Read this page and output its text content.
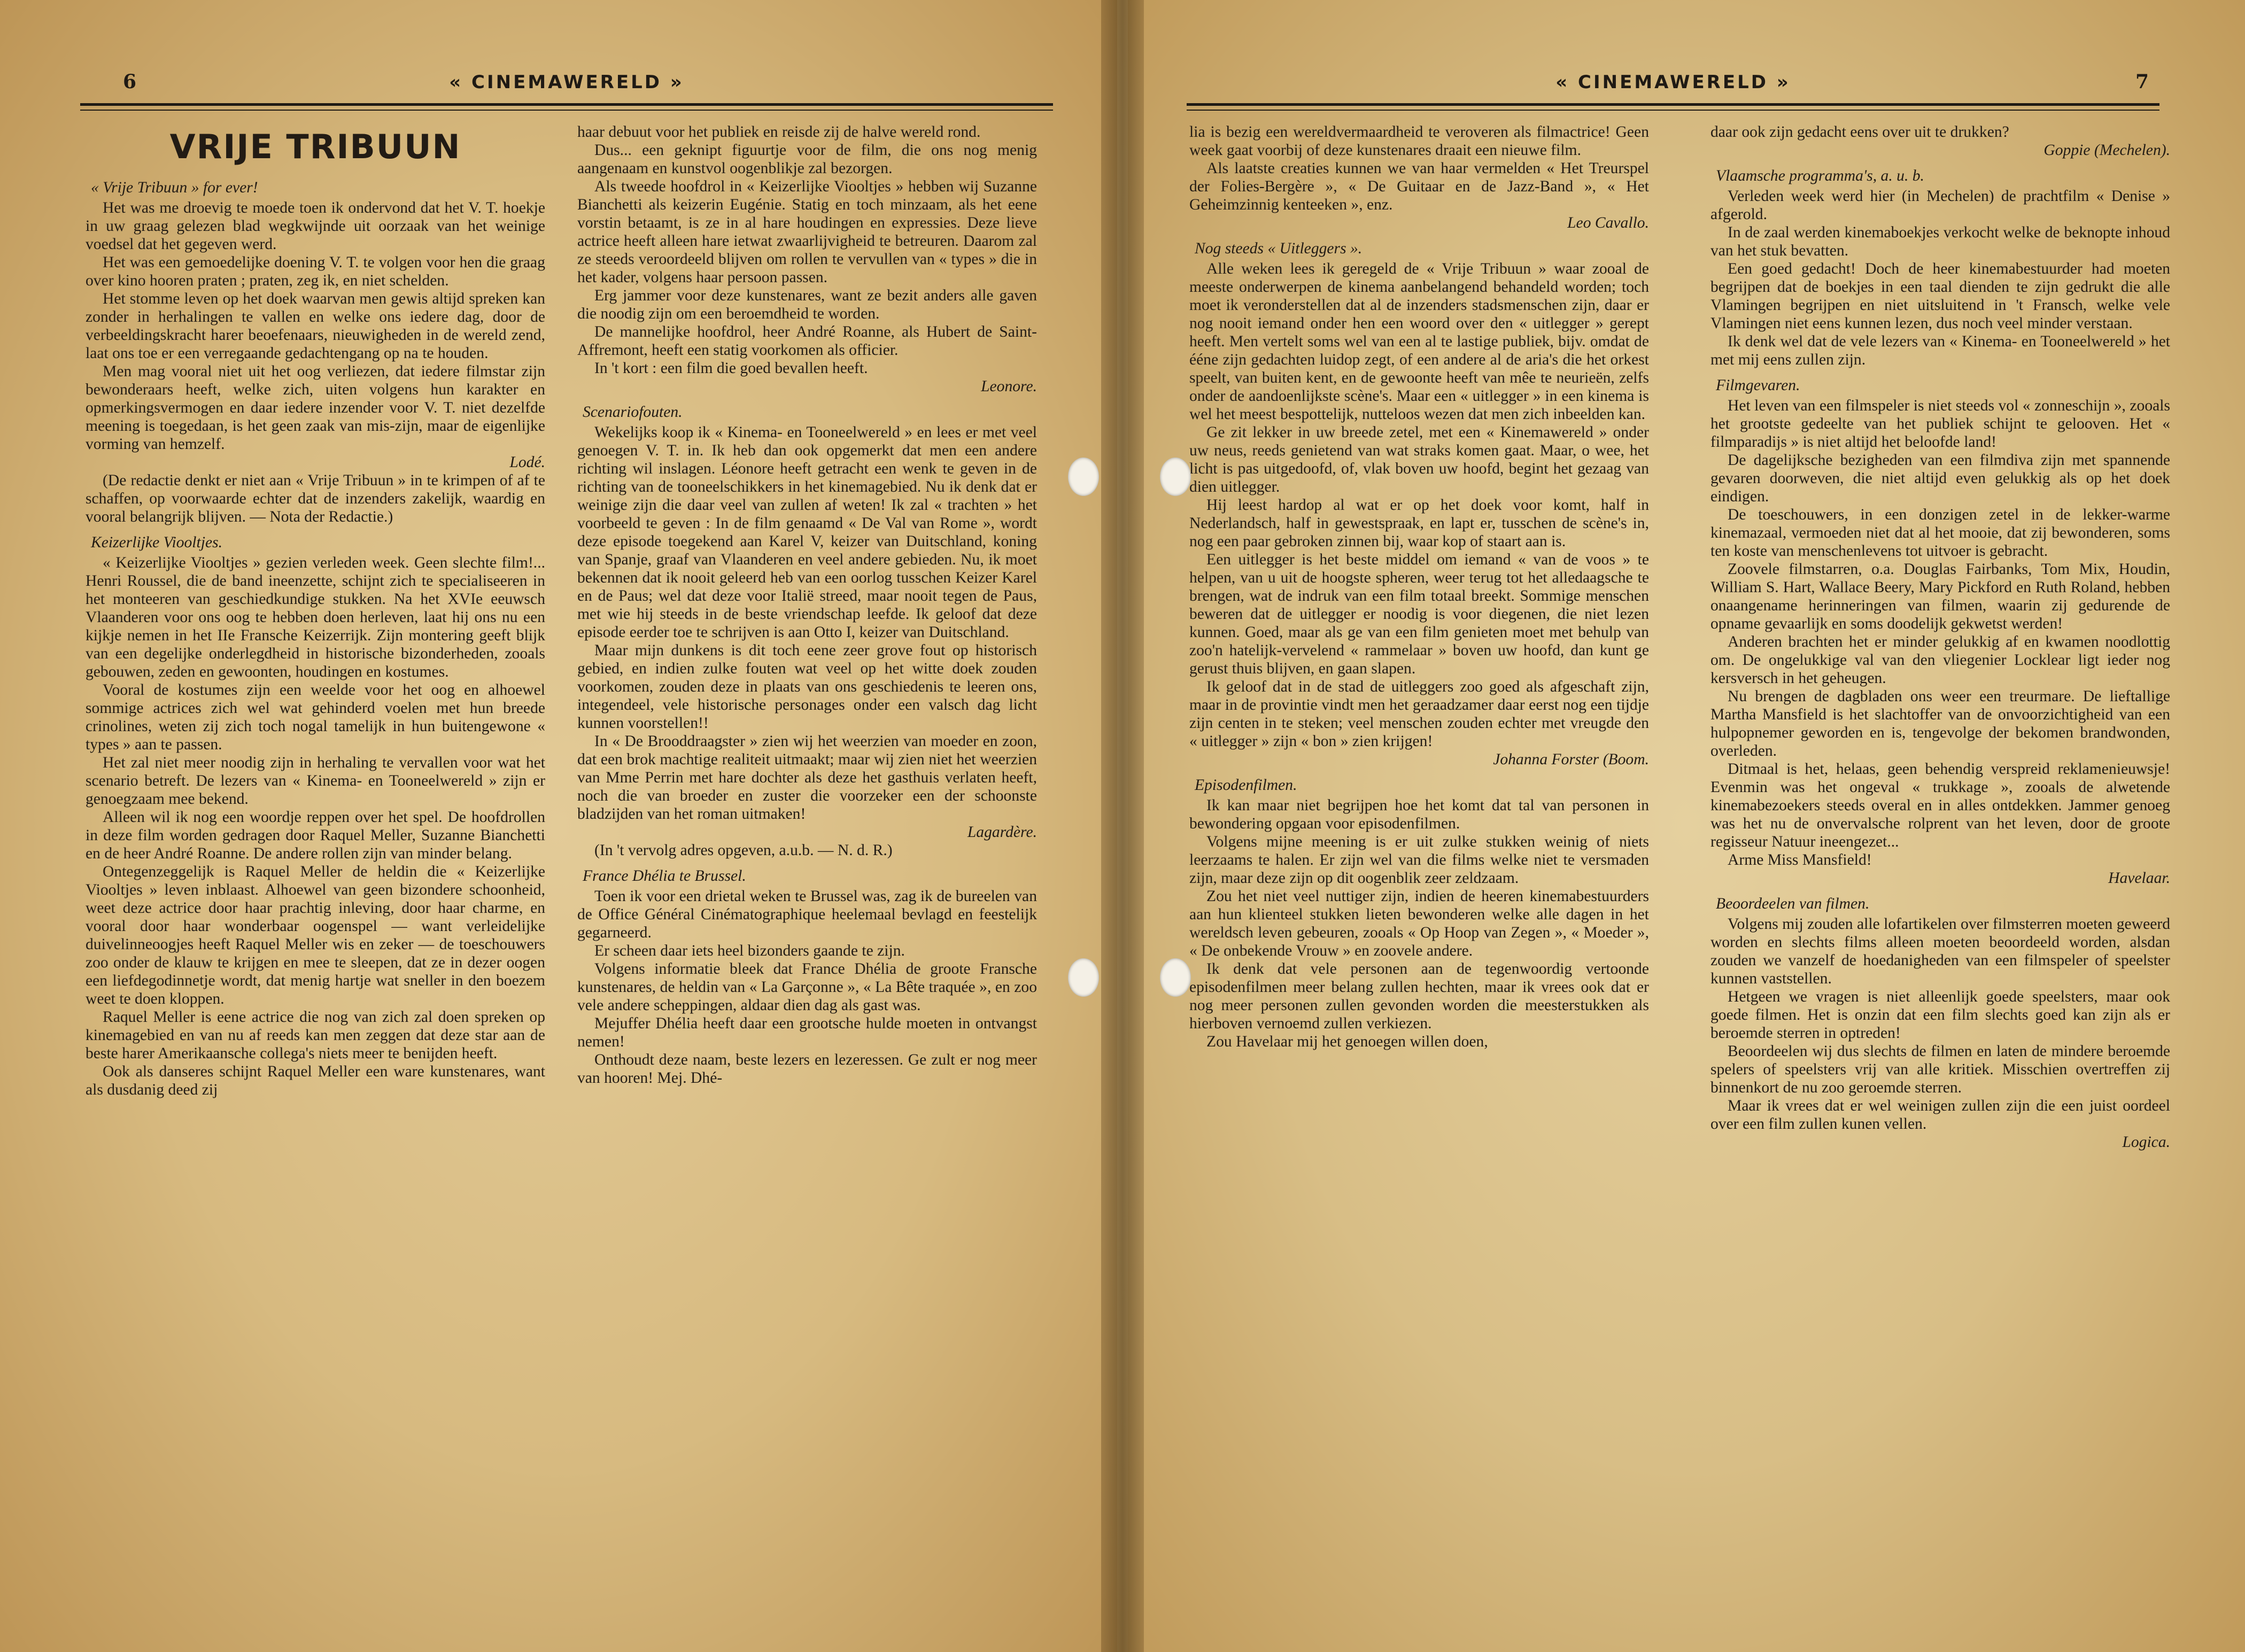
6	« CINEMAWERELD »
VRIJE TRIBUUN

« Vrije Tribuun » for ever!

Het was me droevig te moede toen ik ondervond dat het V. T. hoekje in uw graag gelezen blad wegkwijnde uit oorzaak van het weinige voedsel dat het gegeven werd.

Het was een gemoedelijke doening V. T. te volgen voor hen die graag over kino hooren praten ; praten, zeg ik, en niet schelden.

Het stomme leven op het doek waarvan men gewis altijd spreken kan zonder in herhalingen te vallen en welke ons iedere dag, door de verbeeldingskracht harer beoefenaars, nieuwigheden in de wereld zend, laat ons toe er een verregaande gedachtengang op na te houden.

Men mag vooral niet uit het oog verliezen, dat iedere filmstar zijn bewonderaars heeft, welke zich, uiten volgens hun karakter en opmerkingsvermogen en daar iedere inzender voor V. T. niet dezelfde meening is toegedaan, is het geen zaak van mis-zijn, maar de eigenlijke vorming van hemzelf.

Lodé.

(De redactie denkt er niet aan « Vrije Tribuun » in te krimpen of af te schaffen, op voorwaarde echter dat de inzenders zakelijk, waardig en vooral belangrijk blijven. — Nota der Redactie.)

Keizerlijke Viooltjes.

« Keizerlijke Viooltjes » gezien verleden week. Geen slechte film!... Henri Roussel, die de band ineenzette, schijnt zich te specialiseeren in het monteeren van geschiedkundige stukken. Na het XVIe eeuwsch Vlaanderen voor ons oog te hebben doen herleven, laat hij ons nu een kijkje nemen in het IIe Fransche Keizerrijk. Zijn montering geeft blijk van een degelijke onderlegdheid in historische bizonderheden, zooals gebouwen, zeden en gewoonten, houdingen en kostumes.

Vooral de kostumes zijn een weelde voor het oog en alhoewel sommige actrices zich wel wat gehinderd voelen met hun breede crinolines, weten zij zich toch nogal tamelijk in hun buitengewone « types » aan te passen.

Het zal niet meer noodig zijn in herhaling te vervallen voor wat het scenario betreft. De lezers van « Kinema- en Tooneelwereld » zijn er genoegzaam mee bekend.

Alleen wil ik nog een woordje reppen over het spel. De hoofdrollen in deze film worden gedragen door Raquel Meller, Suzanne Bianchetti en de heer André Roanne. De andere rollen zijn van minder belang.

Ontegenzeggelijk is Raquel Meller de heldin die « Keizerlijke Viooltjes » leven inblaast. Alhoewel van geen bizondere schoonheid, weet deze actrice door haar prachtig inleving, door haar charme, en vooral door haar wonderbaar oogenspel — want verleidelijke duivelinneoogjes heeft Raquel Meller wis en zeker — de toeschouwers zoo onder de klauw te krijgen en mee te sleepen, dat ze in dezer oogen een liefdegodinnetje wordt, dat menig hartje wat sneller in den boezem weet te doen kloppen.

Raquel Meller is eene actrice die nog van zich zal doen spreken op kinemagebied en van nu af reeds kan men zeggen dat deze star aan de beste harer Amerikaansche collega's niets meer te benijden heeft.

Ook als danseres schijnt Raquel Meller een ware kunstenares, want als dusdanig deed zij

haar debuut voor het publiek en reisde zij de halve wereld rond.

Dus... een geknipt figuurtje voor de film, die ons nog menig aangenaam en kunstvol oogenblikje zal bezorgen.

Als tweede hoofdrol in « Keizerlijke Viooltjes » hebben wij Suzanne Bianchetti als keizerin Eugénie. Statig en toch minzaam, als het eene vorstin betaamt, is ze in al hare houdingen en expressies. Deze lieve actrice heeft alleen hare ietwat zwaarlijvigheid te betreuren. Daarom zal ze steeds veroordeeld blijven om rollen te vervullen van « types » die in het kader, volgens haar persoon passen.

Erg jammer voor deze kunstenares, want ze bezit anders alle gaven die noodig zijn om een beroemdheid te worden.

De mannelijke hoofdrol, heer André Roanne, als Hubert de Saint-Affremont, heeft een statig voorkomen als officier.

In 't kort : een film die goed bevallen heeft.

Leonore.

Scenariofouten.

Wekelijks koop ik « Kinema- en Tooneelwereld » en lees er met veel genoegen V. T. in. Ik heb dan ook opgemerkt dat men een andere richting wil inslagen. Léonore heeft getracht een wenk te geven in de richting van de tooneelschikkers in het kinemagebied. Nu ik denk dat er weinige zijn die daar veel van zullen af weten! Ik zal « trachten » het voorbeeld te geven : In de film genaamd « De Val van Rome », wordt deze episode toegekend aan Karel V, keizer van Duitschland, koning van Spanje, graaf van Vlaanderen en veel andere gebieden. Nu, ik moet bekennen dat ik nooit geleerd heb van een oorlog tusschen Keizer Karel en de Paus; wel dat deze voor Italië streed, maar nooit tegen de Paus, met wie hij steeds in de beste vriendschap leefde. Ik geloof dat deze episode eerder toe te schrijven is aan Otto I, keizer van Duitschland.

Maar mijn dunkens is dit toch eene zeer grove fout op historisch gebied, en indien zulke fouten wat veel op het witte doek zouden voorkomen, zouden deze in plaats van ons geschiedenis te leeren ons, integendeel, vele historische personages onder een valsch dag licht kunnen voorstellen!!

In « De Brooddraagster » zien wij het weerzien van moeder en zoon, dat een brok machtige realiteit uitmaakt; maar wij zien niet het weerzien van Mme Perrin met hare dochter als deze het gasthuis verlaten heeft, noch die van broeder en zuster die voorzeker een der schoonste bladzijden van het roman uitmaken!

Lagardère.

(In 't vervolg adres opgeven, a.u.b. — N. d. R.)

France Dhélia te Brussel.

Toen ik voor een drietal weken te Brussel was, zag ik de bureelen van de Office Général Cinématographique heelemaal bevlagd en feestelijk gegarneerd.

Er scheen daar iets heel bizonders gaande te zijn.

Volgens informatie bleek dat France Dhélia de groote Fransche kunstenares, de heldin van « La Garçonne », « La Bête traquée », en zoo vele andere scheppingen, aldaar dien dag als gast was.

Mejuffer Dhélia heeft daar een grootsche hulde moeten in ontvangst nemen!

Onthoudt deze naam, beste lezers en lezeressen. Ge zult er nog meer van hooren! Mej. Dhé-

7
« CINEMAWERELD »

lia is bezig een wereldvermaardheid te veroveren als filmactrice! Geen week gaat voorbij of deze kunstenares draait een nieuwe film.

Als laatste creaties kunnen we van haar vermelden « Het Treurspel der Folies-Bergère », « De Guitaar en de Jazz-Band », « Het Geheimzinnig kenteeken », enz.

Leo Cavallo.

Nog steeds « Uitleggers ».

Alle weken lees ik geregeld de « Vrije Tribuun » waar zooal de meeste onderwerpen de kinema aanbelangend behandeld worden; toch moet ik veronderstellen dat al de inzenders stadsmenschen zijn, daar er nog nooit iemand onder hen een woord over den « uitlegger » gerept heeft. Men vertelt soms wel van een al te lastige publiek, bijv. omdat de ééne zijn gedachten luidop zegt, of een andere al de aria's die het orkest speelt, van buiten kent, en de gewoonte heeft van mêe te neurieën, zelfs onder de aandoenlijkste scène's. Maar een « uitlegger » in een kinema is wel het meest bespottelijk, nutteloos wezen dat men zich inbeelden kan.

Ge zit lekker in uw breede zetel, met een « Kinemawereld » onder uw neus, reeds genietend van wat straks komen gaat. Maar, o wee, het licht is pas uitgedoofd, of, vlak boven uw hoofd, begint het gezaag van dien uitlegger.

Hij leest hardop al wat er op het doek voor komt, half in Nederlandsch, half in gewestspraak, en lapt er, tusschen de scène's in, nog een paar gebroken zinnen bij, waar kop of staart aan is.

Een uitlegger is het beste middel om iemand « van de voos » te helpen, van u uit de hoogste spheren, weer terug tot het alledaagsche te brengen, wat de indruk van een film totaal breekt. Sommige menschen beweren dat de uitlegger er noodig is voor diegenen, die niet lezen kunnen. Goed, maar als ge van een film genieten moet met behulp van zoo'n hatelijk-vervelend « rammelaar » boven uw hoofd, dan kunt ge gerust thuis blijven, en gaan slapen.

Ik geloof dat in de stad de uitleggers zoo goed als afgeschaft zijn, maar in de provintie vindt men het geraadzamer daar eerst nog een tijdje zijn centen in te steken; veel menschen zouden echter met vreugde den « uitlegger » zijn « bon » zien krijgen!

Johanna Forster (Boom.

Episodenfilmen.

Ik kan maar niet begrijpen hoe het komt dat tal van personen in bewondering opgaan voor episodenfilmen.

Volgens mijne meening is er uit zulke stukken weinig of niets leerzaams te halen. Er zijn wel van die films welke niet te versmaden zijn, maar deze zijn op dit oogenblik zeer zeldzaam.

Zou het niet veel nuttiger zijn, indien de heeren kinemabestuurders aan hun klienteel stukken lieten bewonderen welke alle dagen in het wereldsch leven gebeuren, zooals « Op Hoop van Zegen », « Moeder », « De onbekende Vrouw » en zoovele andere.

Ik denk dat vele personen aan de tegenwoordig vertoonde episodenfilmen meer belang zullen hechten, maar ik vrees ook dat er nog meer personen zullen gevonden worden die meesterstukken als hierboven vernoemd zullen verkiezen.

Zou Havelaar mij het genoegen willen doen,

daar ook zijn gedacht eens over uit te drukken?

Goppie (Mechelen).

Vlaamsche programma's, a. u. b.

Verleden week werd hier (in Mechelen) de prachtfilm « Denise » afgerold.

In de zaal werden kinemaboekjes verkocht welke de beknopte inhoud van het stuk bevatten.

Een goed gedacht! Doch de heer kinemabestuurder had moeten begrijpen dat de boekjes in een taal dienden te zijn gedrukt die alle Vlamingen begrijpen en niet uitsluitend in 't Fransch, welke vele Vlamingen niet eens kunnen lezen, dus noch veel minder verstaan.

Ik denk wel dat de vele lezers van « Kinema- en Tooneelwereld » het met mij eens zullen zijn.

Filmgevaren.

Het leven van een filmspeler is niet steeds vol « zonneschijn », zooals het grootste gedeelte van het publiek schijnt te gelooven. Het « filmparadijs » is niet altijd het beloofde land!

De dagelijksche bezigheden van een filmdiva zijn met spannende gevaren doorweven, die niet altijd even gelukkig als op het doek eindigen.

De toeschouwers, in een donzigen zetel in de lekker-warme kinemazaal, vermoeden niet dat al het mooie, dat zij bewonderen, soms ten koste van menschenlevens tot uitvoer is gebracht.

Zoovele filmstarren, o.a. Douglas Fairbanks, Tom Mix, Houdin, William S. Hart, Wallace Beery, Mary Pickford en Ruth Roland, hebben onaangename herinneringen van filmen, waarin zij gedurende de opname gevaarlijk en soms doodelijk gekwetst werden!

Anderen brachten het er minder gelukkig af en kwamen noodlottig om. De ongelukkige val van den vliegenier Locklear ligt ieder nog kersversch in het geheugen.

Nu brengen de dagbladen ons weer een treurmare. De lieftallige Martha Mansfield is het slachtoffer van de onvoorzichtigheid van een hulpopnemer geworden en is, tengevolge der bekomen brandwonden, overleden.

Ditmaal is het, helaas, geen behendig verspreid reklamenieuwsje! Evenmin was het ongeval « trukkage », zooals de alwetende kinemabezoekers steeds overal en in alles ontdekken. Jammer genoeg was het nu de onvervalsche rolprent van het leven, door de groote regisseur Natuur ineengezet...

Arme Miss Mansfield!

Havelaar.

Beoordeelen van filmen.

Volgens mij zouden alle lofartikelen over filmsterren moeten geweerd worden en slechts films alleen moeten beoordeeld worden, alsdan zouden we vanzelf de hoedanigheden van een filmspeler of speelster kunnen vaststellen.

Hetgeen we vragen is niet alleenlijk goede speelsters, maar ook goede filmen. Het is onzin dat een film slechts goed kan zijn als er beroemde sterren in optreden!

Beoordeelen wij dus slechts de filmen en laten de mindere beroemde spelers of speelsters vrij van alle kritiek. Misschien overtreffen zij binnenkort de nu zoo geroemde sterren.

Maar ik vrees dat er wel weinigen zullen zijn die een juist oordeel over een film zullen kunen vellen.

Logica.
